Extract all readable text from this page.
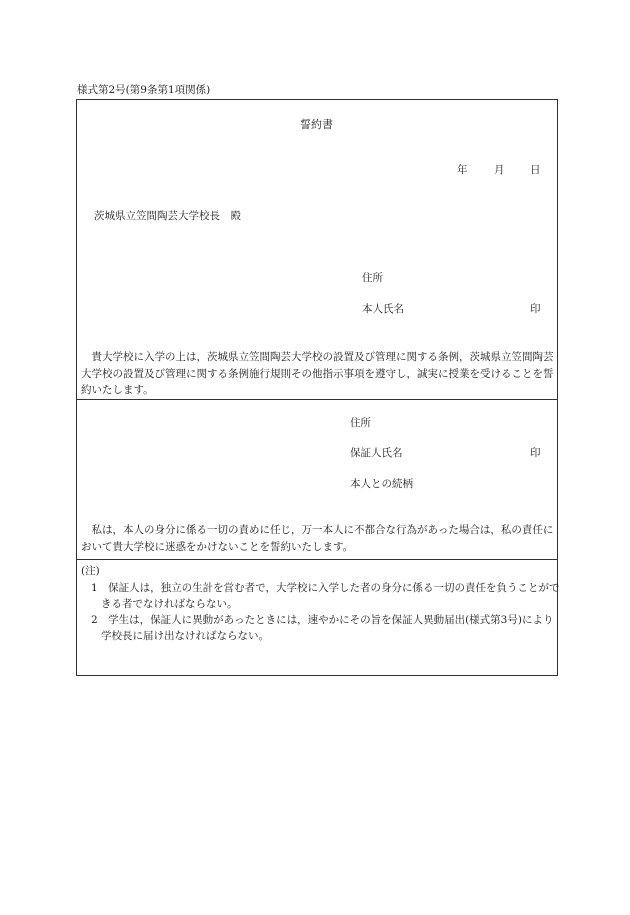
様式第2号(第9条第1項関係)
誓約書
年	月 日
茨城県立笠間陶芸大学校長　殿
住所
本人氏名	印
　貴大学校に入学の上は，茨城県立笠間陶芸大学校の設置及び管理に関する条例，茨城県立笠間陶芸大学校の設置及び管理に関する条例施行規則その他指示事項を遵守し，誠実に授業を受けることを誓約いたします。
住所
保証人氏名	印
本人との続柄
　私は，本人の身分に係る一切の責めに任じ，万一本人に不都合な行為があった場合は，私の責任において貴大学校に迷惑をかけないことを誓約いたします。
(注)
1　保証人は，独立の生計を営む者で，大学校に入学した者の身分に係る一切の責任を負うことができる者でなければならない。
2　学生は，保証人に異動があったときには，速やかにその旨を保証人異動届出(様式第3号)により学校長に届け出なければならない。
